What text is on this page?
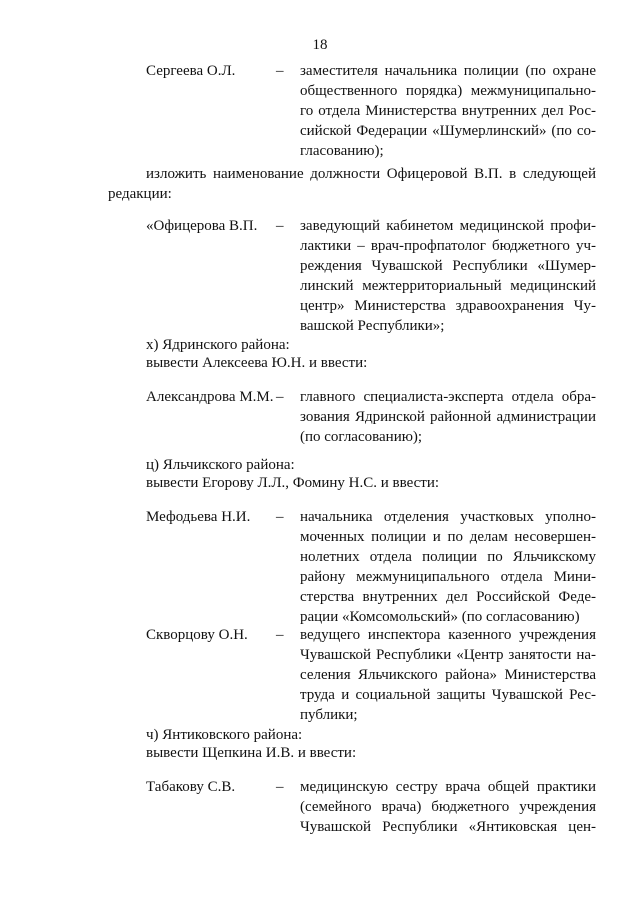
18
Сергеева О.Л.	– заместителя начальника полиции (по охране
общественного порядка) межмуниципально-
го отдела Министерства внутренних дел Рос-
сийской Федерации «Шумерлинский» (по со-
гласованию);
изложить наименование должности Офицеровой В.П. в следующей
редакции:
«Офицерова В.П. – заведующий кабинетом медицинской профи-
лактики – врач-профпатолог бюджетного уч-
реждения Чувашской Республики «Шумер-
линский межтерриториальный медицинский
центр» Министерства здравоохранения Чу-
вашской Республики»;
х) Ядринского района:
вывести Алексеева Ю.Н. и ввести:
Александрова М.М. – главного специалиста-эксперта отдела обра-
зования Ядринской районной администрации
(по согласованию);
ц) Яльчикского района:
вывести Егорову Л.Л., Фомину Н.С. и ввести:
Мефодьева Н.И. – начальника отделения участковых уполно-
моченных полиции и по делам несовершен-
нолетних отдела полиции по Яльчикскому
району межмуниципального отдела Мини-
стерства внутренних дел Российской Феде-
рации «Комсомольский» (по согласованию)
Скворцову О.Н. – ведущего инспектора казенного учреждения
Чувашской Республики «Центр занятости на-
селения Яльчикского района» Министерства
труда и социальной защиты Чувашской Рес-
публики;
ч) Янтиковского района:
вывести Щепкина И.В. и ввести:
Табакову С.В.	– медицинскую сестру врача общей практики
(семейного врача) бюджетного учреждения
Чувашской Республики «Янтиковская цен-
